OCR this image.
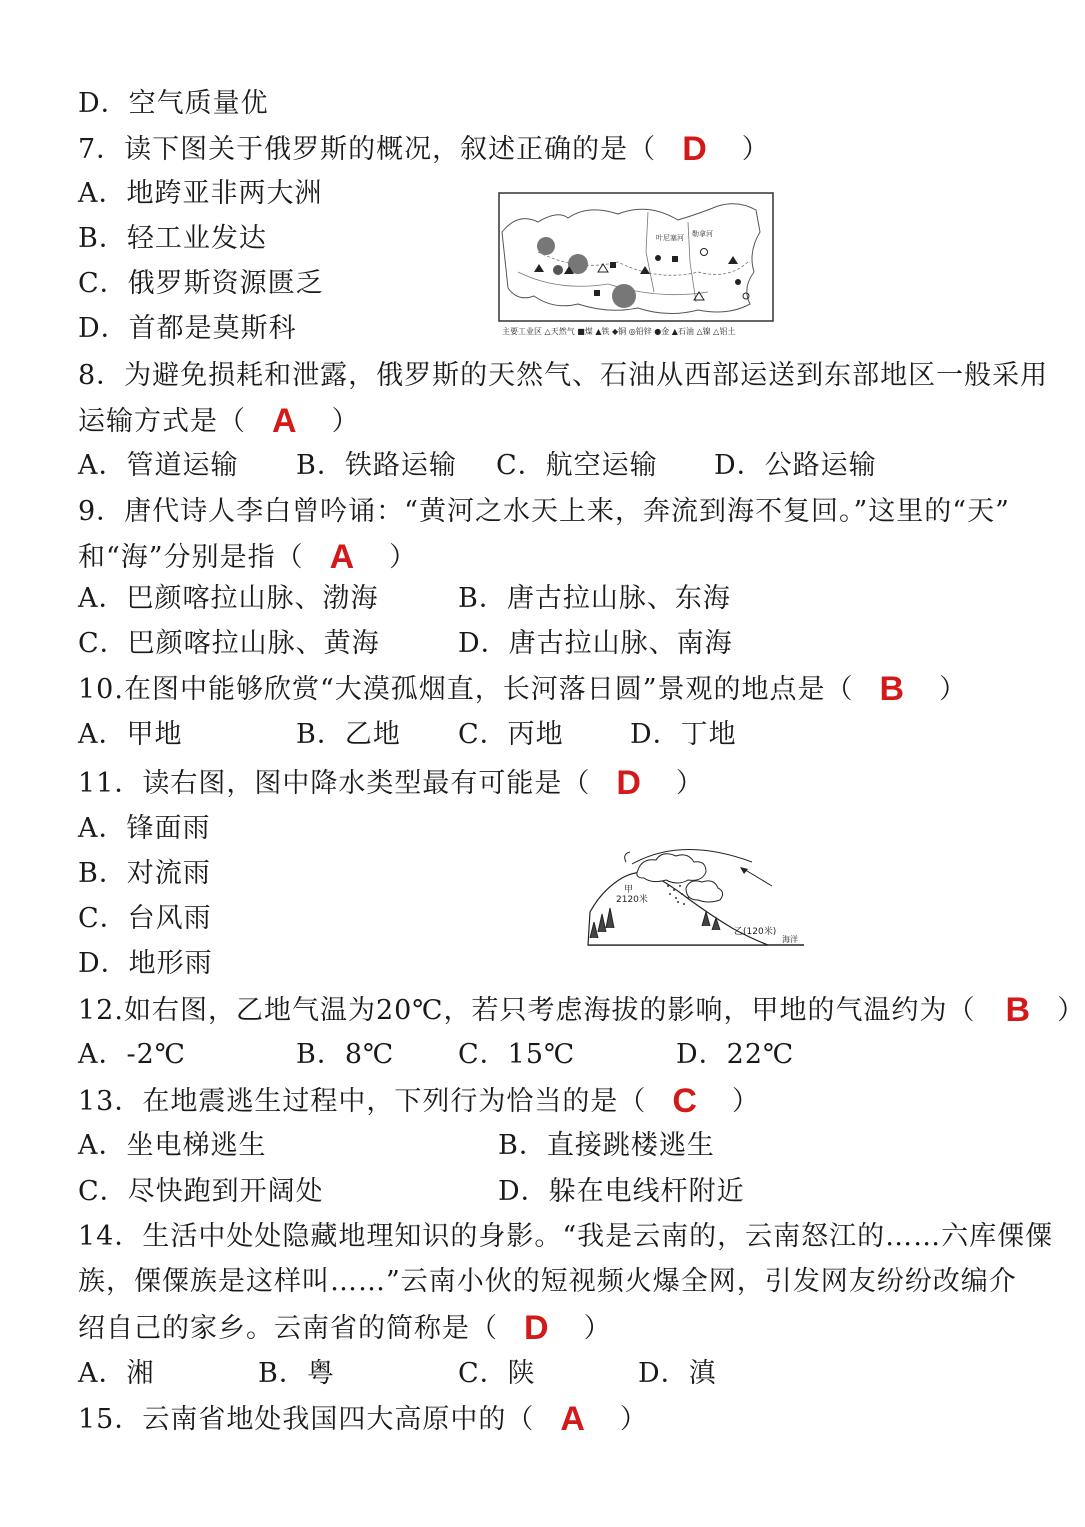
D．空气质量优
7．读下图关于俄罗斯的概况，叙述正确的是（ D ）
A．地跨亚非两大洲
B．轻工业发达
C．俄罗斯资源匮乏
D．首都是莫斯科
叶尼塞河 勒拿河
主要工业区 △天然气 ■煤 ▲铁 ◆铜 ◎铅锌 ●金 ▲石油 △镍 △铝土
8．为避免损耗和泄露，俄罗斯的天然气、石油从西部运送到东部地区一般采用
运输方式是（ A ）
A．管道运输 B．铁路运输 C．航空运输 D．公路运输
9．唐代诗人李白曾吟诵：“黄河之水天上来，奔流到海不复回。”这里的“天”
和“海”分别是指（ A ）
A．巴颜喀拉山脉、渤海	B．唐古拉山脉、东海
C．巴颜喀拉山脉、黄海	D．唐古拉山脉、南海
10.在图中能够欣赏“大漠孤烟直，长河落日圆”景观的地点是（ B ）
A．甲地	B．乙地 C．丙地 D．丁地
11．读右图，图中降水类型最有可能是（ D ）
A．锋面雨
B．对流雨
C．台风雨
D．地形雨
甲
2120米
乙(120米)
海洋
12.如右图，乙地气温为20℃，若只考虑海拔的影响，甲地的气温约为（ B ）
A．-2℃	B．8℃ C．15℃	D．22℃
13．在地震逃生过程中，下列行为恰当的是（ C ）
A．坐电梯逃生	B．直接跳楼逃生
C．尽快跑到开阔处	D．躲在电线杆附近
14．生活中处处隐藏地理知识的身影。“我是云南的，云南怒江的……六库傈僳
族，傈僳族是这样叫……”云南小伙的短视频火爆全网，引发网友纷纷改编介
绍自己的家乡。云南省的简称是（ D ）
A．湘	B．粤	C．陕	D．滇
15．云南省地处我国四大高原中的（ A ）
